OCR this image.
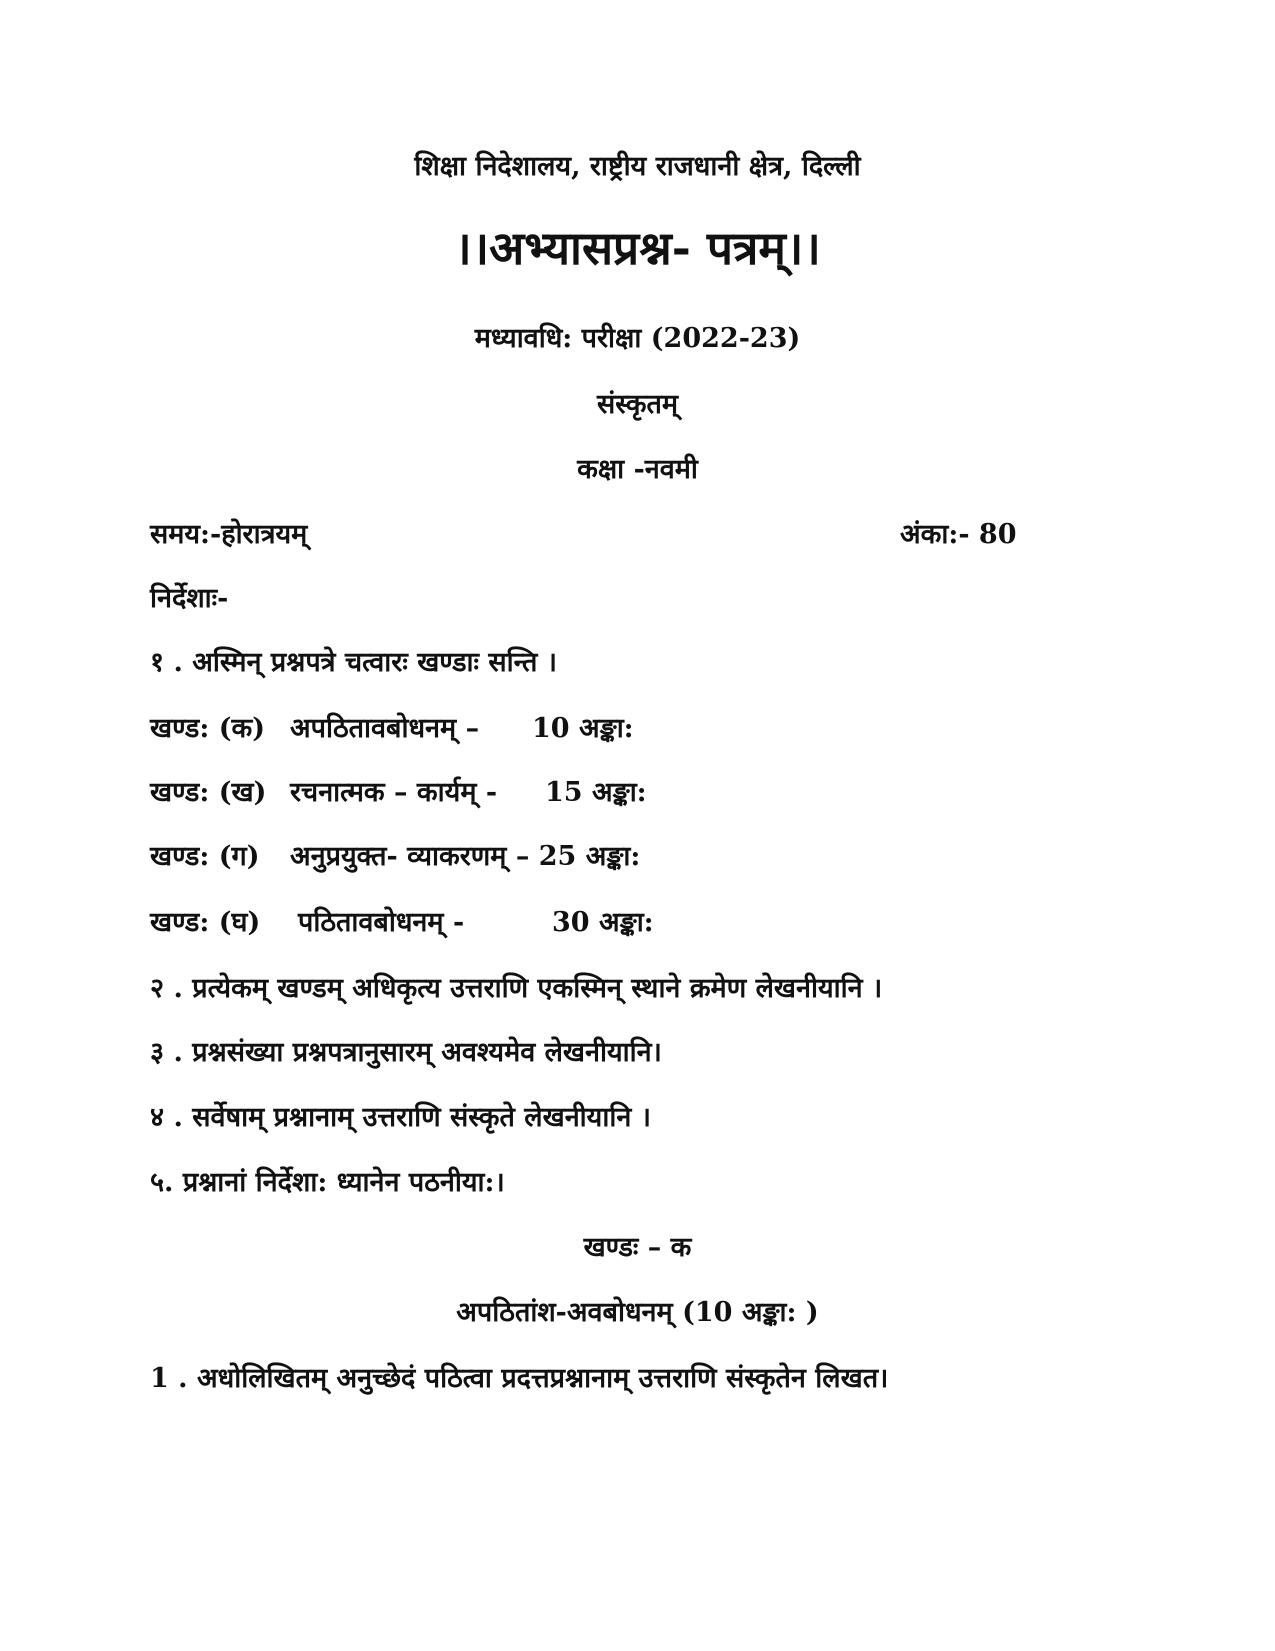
शिक्षा निदेशालय, राष्ट्रीय राजधानी क्षेत्र, दिल्ली
।।अभ्यासप्रश्न- पत्रम्।।
मध्यावधि: परीक्षा (2022-23)
संस्कृतम्
कक्षा -नवमी
समय:-होरात्रयम्	अंका:- 80
निर्देशाः-
१ . अस्मिन् प्रश्नपत्रे चत्वारः खण्डाः सन्ति ।
खण्ड: (क) अपठितावबोधनम् – 10 अङ्का:
खण्ड: (ख) रचनात्मक – कार्यम् - 15 अङ्का:
खण्ड: (ग) अनुप्रयुक्त- व्याकरणम् – 25 अङ्का:
खण्ड: (घ) पठितावबोधनम् -	30 अङ्का:
२ . प्रत्येकम् खण्डम् अधिकृत्य उत्तराणि एकस्मिन् स्थाने क्रमेण लेखनीयानि ।
३ . प्रश्नसंख्या प्रश्नपत्रानुसारम् अवश्यमेव लेखनीयानि।
४ . सर्वेषाम् प्रश्नानाम् उत्तराणि संस्कृते लेखनीयानि ।
५. प्रश्नानां निर्देशा: ध्यानेन पठनीया:।
खण्डः – क
अपठितांश-अवबोधनम् (10 अङ्का: )
1 . अधोलिखितम् अनुच्छेदं पठित्वा प्रदत्तप्रश्नानाम् उत्तराणि संस्कृतेन लिखत।
